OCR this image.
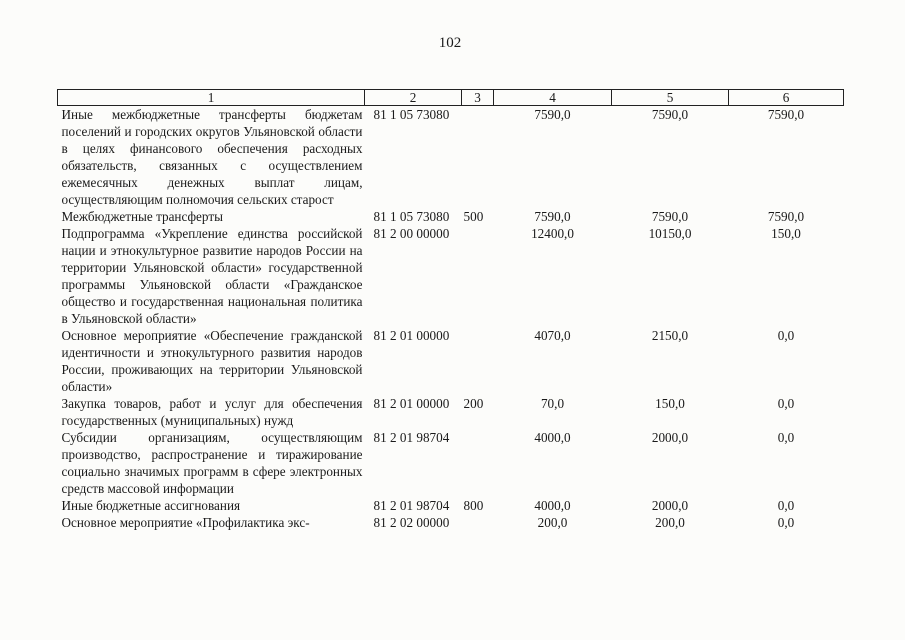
102
1	2	3	4	5	6
Иные межбюджетные трансферты бюджетам поселений и городских округов Ульяновской области в целях финансового обеспечения расходных обязательств, связанных с осуществлением ежемесячных денежных выплат лицам, осуществляющим полномочия сельских старост	81 1 05 73080		7590,0	7590,0	7590,0
Межбюджетные трансферты	81 1 05 73080	500	7590,0	7590,0	7590,0
Подпрограмма «Укрепление единства российской нации и этнокультурное развитие народов России на территории Ульяновской области» государственной программы Ульяновской области «Гражданское общество и государственная национальная политика в Ульяновской области»	81 2 00 00000		12400,0	10150,0	150,0
Основное мероприятие «Обеспечение гражданской идентичности и этнокультурного развития народов России, проживающих на территории Ульяновской области»	81 2 01 00000		4070,0	2150,0	0,0
Закупка товаров, работ и услуг для обеспечения государственных (муниципальных) нужд	81 2 01 00000	200	70,0	150,0	0,0
Субсидии организациям, осуществляющим производство, распространение и тиражирование социально значимых программ в сфере электронных средств массовой информации	81 2 01 98704		4000,0	2000,0	0,0
Иные бюджетные ассигнования	81 2 01 98704	800	4000,0	2000,0	0,0
Основное мероприятие «Профилактика экс-	81 2 02 00000		200,0	200,0	0,0
